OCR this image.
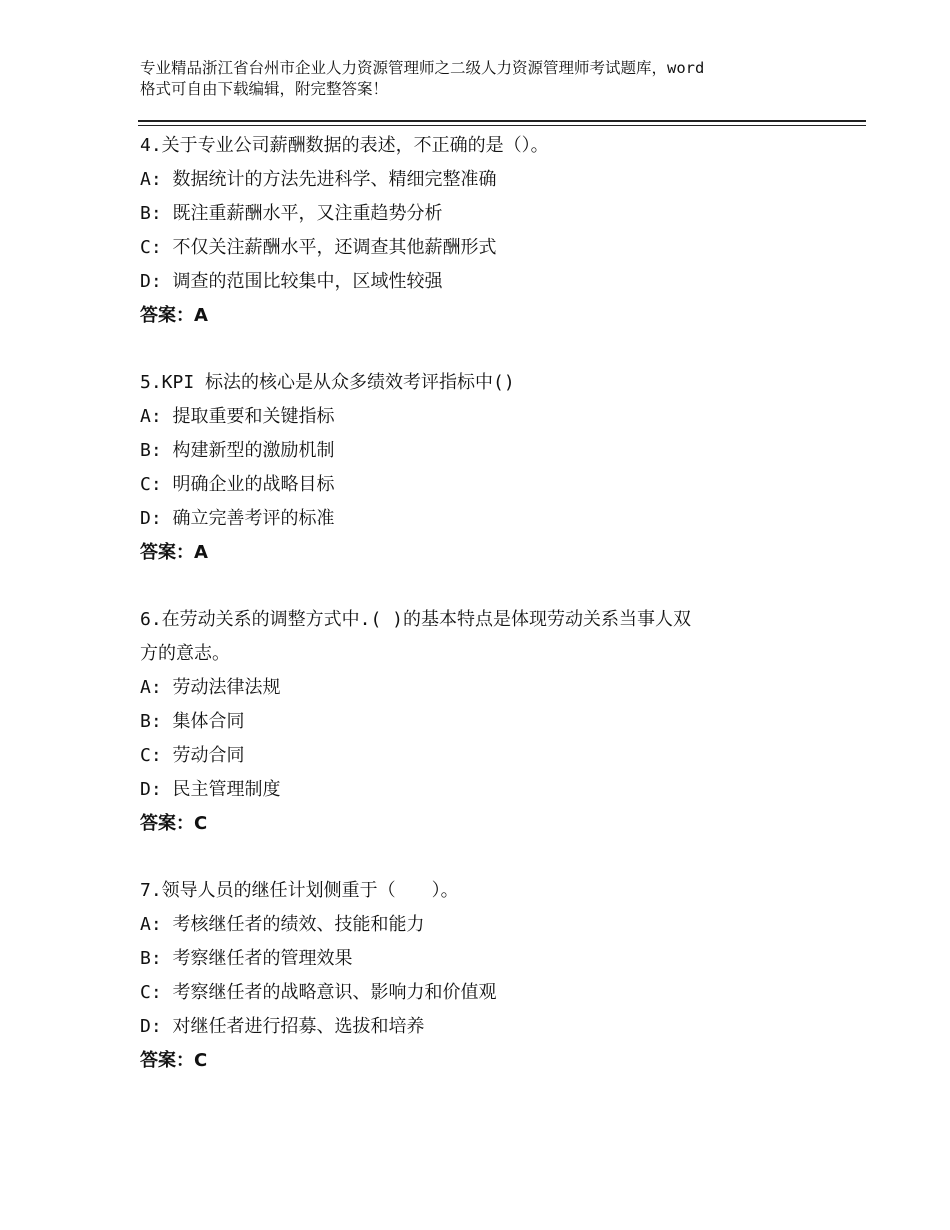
专业精品浙江省台州市企业人力资源管理师之二级人力资源管理师考试题库，word
格式可自由下载编辑，附完整答案！
4.关于专业公司薪酬数据的表述，不正确的是（）。
A: 数据统计的方法先进科学、精细完整准确
B: 既注重薪酬水平，又注重趋势分析
C: 不仅关注薪酬水平，还调查其他薪酬形式
D: 调查的范围比较集中，区域性较强
答案：A
5.KPI 标法的核心是从众多绩效考评指标中()
A: 提取重要和关键指标
B: 构建新型的激励机制
C: 明确企业的战略目标
D: 确立完善考评的标准
答案：A
6.在劳动关系的调整方式中.( )的基本特点是体现劳动关系当事人双
方的意志。
A: 劳动法律法规
B: 集体合同
C: 劳动合同
D: 民主管理制度
答案：C
7.领导人员的继任计划侧重于（　　）。
A: 考核继任者的绩效、技能和能力
B: 考察继任者的管理效果
C: 考察继任者的战略意识、影响力和价值观
D: 对继任者进行招募、选拔和培养
答案：C
